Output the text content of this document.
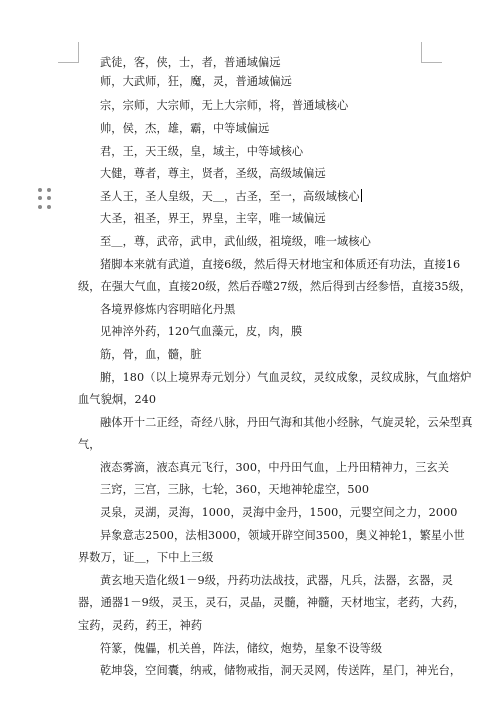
武徒，客，侠，士，者，普通域偏远

师，大武师，狂，魔，灵，普通域偏远

宗，宗师，大宗师，无上大宗师，将，普通域核心

帅，侯，杰，雄，霸，中等域偏远

君，王，天王级，皇，域主，中等域核心

大健，尊者，尊主，贤者，圣级，高级域偏远

圣人王，圣人皇级，天＿，古圣，至一，高级域核心

大圣，祖圣，界王，界皇，主宰，唯一域偏远

至＿，尊，武帝，武申，武仙级，祖境级，唯一域核心

猪脚本来就有武道，直接6级，然后得天材地宝和体质还有功法，直接16级，在强大气血，直接20级，然后吞噬27级，然后得到古经参悟，直接35级，

各境界修炼内容明暗化丹黑

见神淬外药，120气血藻元，皮，肉，膜

筋，骨，血，髓，脏

腑，180（以上境界寿元划分）气血灵纹，灵纹成象，灵纹成脉，气血熔炉血气貌炯，240

融体开十二正经，奇经八脉，丹田气海和其他小经脉，气旋灵轮，云朵型真气，

液态雾滴，液态真元飞行，300，中丹田气血，上丹田精神力，三玄关

三窍，三宫，三脉，七轮，360，天地神轮虚空，500

灵泉，灵湖，灵海，1000，灵海中金丹，1500，元婴空间之力，2000

异象意志2500，法相3000，领域开辟空间3500，奥义神轮1，繁星小世界数万，证＿，下中上三级

黄玄地天造化级1－9级，丹药功法战技，武器，凡兵，法器，玄器，灵器，通器1－9级，灵玉，灵石，灵晶，灵髓，神髓，天材地宝，老药，大药，宝药，灵药，药王，神药

符篆，傀儡，机关兽，阵法，储纹，炮势，星象不设等级

乾坤袋，空间囊，纳戒，储物戒指，洞天灵网，传送阵，星门，神光台，
